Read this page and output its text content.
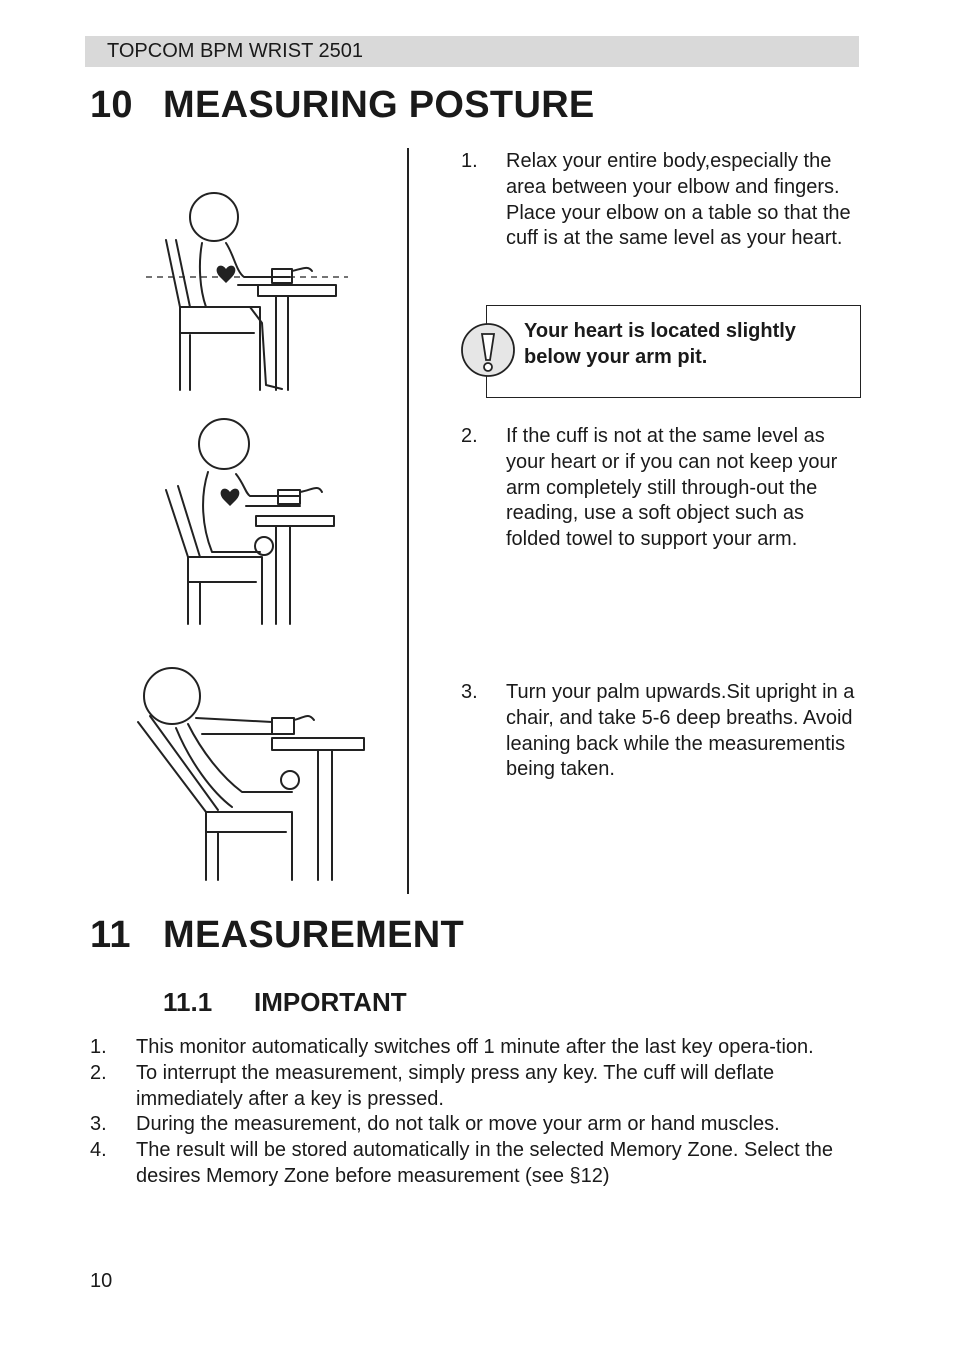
TOPCOM BPM WRIST 2501
10 MEASURING POSTURE
1. Relax your entire body,especially the area between your elbow and fingers. Place your elbow on a table so that the cuff is at the same level as your heart.
Your heart is located slightly below your arm pit.
2. If the cuff is not at the same level as your heart or if you can not keep your arm completely still through-out the reading, use a soft object such as folded towel to support your arm.
3. Turn your palm upwards.Sit upright in a chair, and take 5-6 deep breaths. Avoid leaning back while the measurementis being taken.
11 MEASUREMENT
11.1 IMPORTANT
1. This monitor automatically switches off 1 minute after the last key opera-tion.
2. To interrupt the measurement, simply press any key. The cuff will deflate immediately after a key is pressed.
3. During the measurement, do not talk or move your arm or hand muscles.
4. The result will be stored automatically in the selected Memory Zone. Select the desires Memory Zone before measurement (see §12)
10
